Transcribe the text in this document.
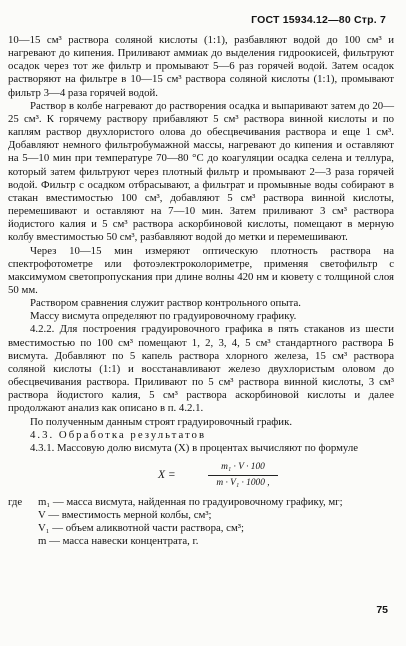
ГОСТ 15934.12—80 Стр. 7

10—15 см³ раствора соляной кислоты (1:1), разбавляют водой до 100 см³ и нагревают до кипения. Приливают аммиак до выделения гидроокисей, фильтруют осадок через тот же фильтр и промывают 5—6 раз горячей водой. Затем осадок растворяют на фильтре в 10—15 см³ раствора соляной кислоты (1:1), промывают фильтр 3—4 раза горячей водой.

Раствор в колбе нагревают до растворения осадка и выпаривают затем до 20—25 см³. К горячему раствору прибавляют 5 см³ раствора винной кислоты и по каплям раствор двухлористого олова до обесцвечивания раствора и еще 1 см³. Добавляют немного фильтробумажной массы, нагревают до кипения и оставляют на 5—10 мин при температуре 70—80 °С до коагуляции осадка селена и теллура, который затем фильтруют через плотный фильтр и промывают 2—3 раза горячей водой. Фильтр с осадком отбрасывают, а фильтрат и промывные воды собирают в стакан вместимостью 100 см³, добавляют 5 см³ раствора винной кислоты, перемешивают и оставляют на 7—10 мин. Затем приливают 3 см³ раствора йодистого калия и 5 см³ раствора аскорбиновой кислоты, помещают в мерную колбу вместимостью 50 см³, разбавляют водой до метки и перемешивают.

Через 10—15 мин измеряют оптическую плотность раствора на спектрофотометре или фотоэлектроколориметре, применяя светофильтр с максимумом светопропускания при длине волны 420 нм и кювету с толщиной слоя 50 мм.

Раствором сравнения служит раствор контрольного опыта.

Массу висмута определяют по градуировочному графику.

4.2.2. Для построения градуировочного графика в пять стаканов из шести вместимостью по 100 см³ помещают 1, 2, 3, 4, 5 см³ стандартного раствора Б висмута. Добавляют по 5 капель раствора хлорного железа, 15 см³ раствора соляной кислоты (1:1) и восстанавливают железо двухлористым оловом до обесцвечивания раствора. Приливают по 5 см³ раствора винной кислоты, 3 см³ раствора йодистого калия, 5 см³ раствора аскорбиновой кислоты и далее продолжают анализ как описано в п. 4.2.1.

По полученным данным строят градуировочный график.

4.3. Обработка результатов

4.3.1. Массовую долю висмута (X) в процентах вычисляют по формуле

X =	$\frac{\text{m₁ · V · 100}}{\text{m · V₁ · 1000 ,}}$
где	m₁ — масса висмута, найденная по градуировочному графику, мг;

V — вместимость мерной колбы, см³;

V₁ — объем аликвотной части раствора, см³;

m — масса навески концентрата, г.

75
